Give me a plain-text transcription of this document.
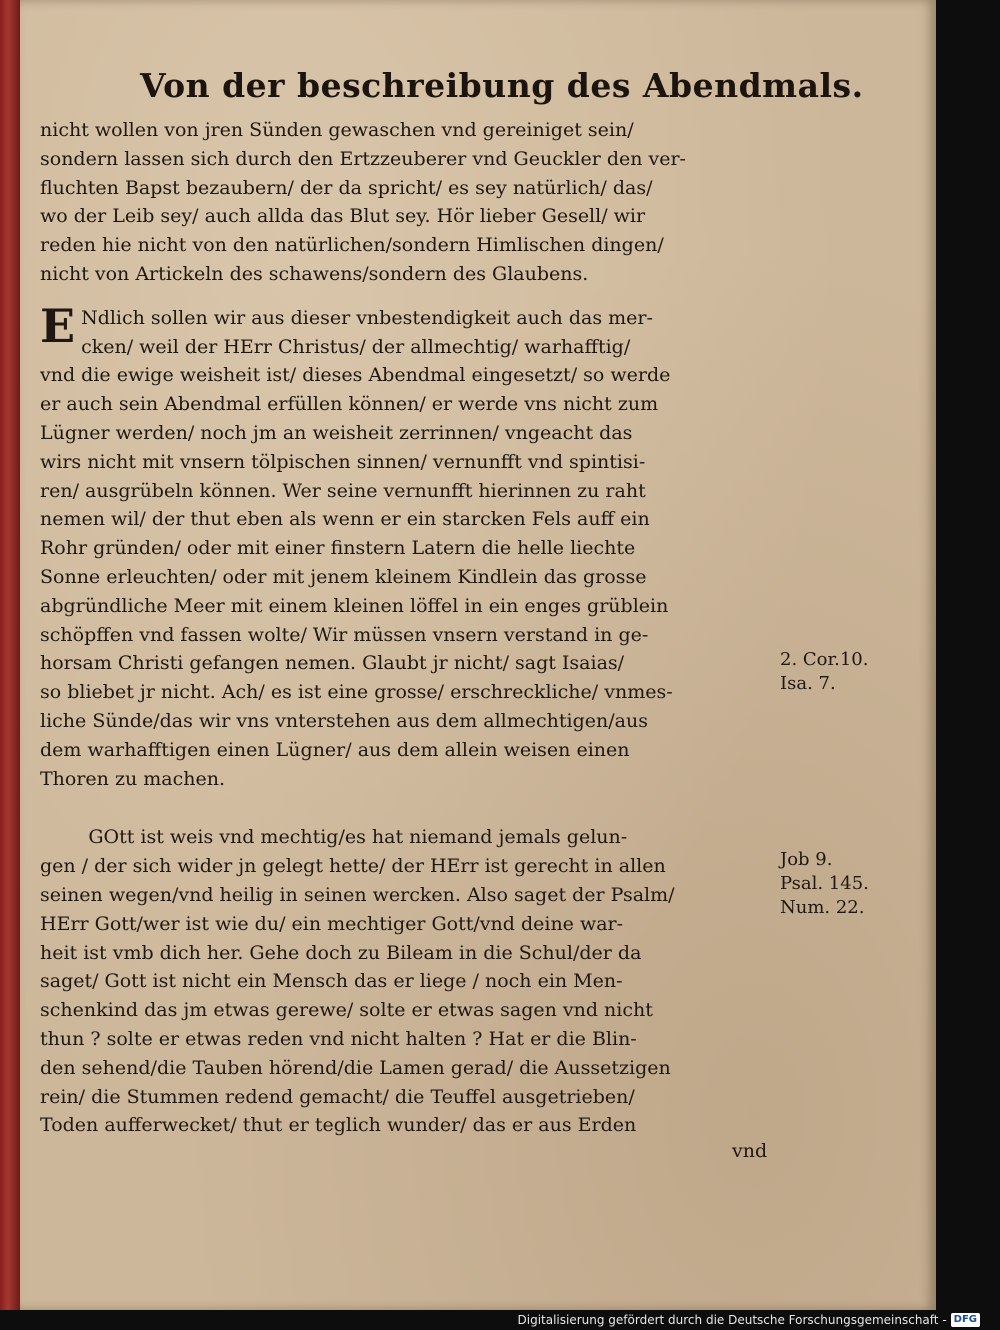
Von der beschreibung des Abendmals.
nicht wollen von jren Sünden gewaschen vnd gereiniget sein/
sondern lassen sich durch den Ertzzeuberer vnd Geuckler den ver-
fluchten Bapst bezaubern/ der da spricht/ es sey natürlich/ das/
wo der Leib sey/ auch allda das Blut sey. Hör lieber Gesell/ wir
reden hie nicht von den natürlichen/sondern Himlischen dingen/
nicht von Artickeln des schawens/sondern des Glaubens.
E Ndlich sollen wir aus dieser vnbestendigkeit auch das mer-
cken/ weil der HErr Christus/ der allmechtig/ warhafftig/
vnd die ewige weisheit ist/ dieses Abendmal eingesetzt/ so werde
er auch sein Abendmal erfüllen können/ er werde vns nicht zum
Lügner werden/ noch jm an weisheit zerrinnen/ vngeacht das
wirs nicht mit vnsern tölpischen sinnen/ vernunfft vnd spintisi-
ren/ ausgrübeln können. Wer seine vernunfft hierinnen zu raht
nemen wil/ der thut eben als wenn er ein starcken Fels auff ein
Rohr gründen/ oder mit einer finstern Latern die helle liechte
Sonne erleuchten/ oder mit jenem kleinem Kindlein das grosse
abgründliche Meer mit einem kleinen löffel in ein enges grüblein
schöpffen vnd fassen wolte/ Wir müssen vnsern verstand in ge-
horsam Christi gefangen nemen. Glaubt jr nicht/ sagt Isaias/
so bliebet jr nicht. Ach/ es ist eine grosse/ erschreckliche/ vnmes-
liche Sünde/das wir vns vnterstehen aus dem allmechtigen/aus
dem warhafftigen einen Lügner/ aus dem allein weisen einen
Thoren zu machen.
GOtt ist weis vnd mechtig/es hat niemand jemals gelun-
gen / der sich wider jn gelegt hette/ der HErr ist gerecht in allen
seinen wegen/vnd heilig in seinen wercken. Also saget der Psalm/
HErr Gott/wer ist wie du/ ein mechtiger Gott/vnd deine war-
heit ist vmb dich her. Gehe doch zu Bileam in die Schul/der da
saget/ Gott ist nicht ein Mensch das er liege / noch ein Men-
schenkind das jm etwas gerewe/ solte er etwas sagen vnd nicht
thun ? solte er etwas reden vnd nicht halten ? Hat er die Blin-
den sehend/die Tauben hörend/die Lamen gerad/ die Aussetzigen
rein/ die Stummen redend gemacht/ die Teuffel ausgetrieben/
Toden aufferwecket/ thut er teglich wunder/ das er aus Erden
2. Cor.10.
Isa. 7.
Job 9.
Psal. 145.
Num. 22.
vnd
Digitalisierung gefördert durch die Deutsche Forschungsgemeinschaft - DFG
